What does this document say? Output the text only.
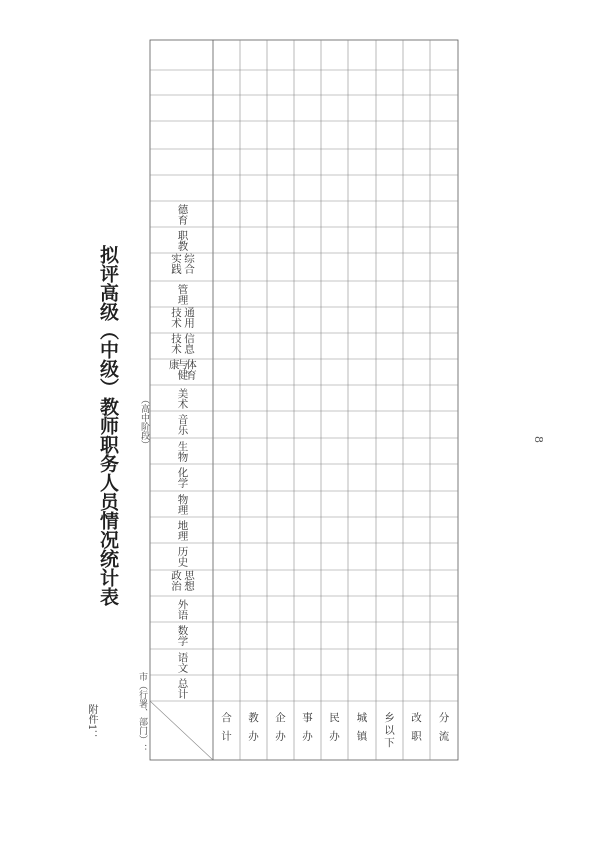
附件1：
拟评高级（中级）教师职务人员情况统计表
市（行署、部门）：
（高中阶段）	8
总计
语文
数学
外语
思想政治
历史
地理
物理
化学
生物
音乐
美术
体育与健康
信息技术
通用技术
管理
综合实践
职教
德育
合计	教办	企办	事办	民办	城镇	乡以下	改职	分流
